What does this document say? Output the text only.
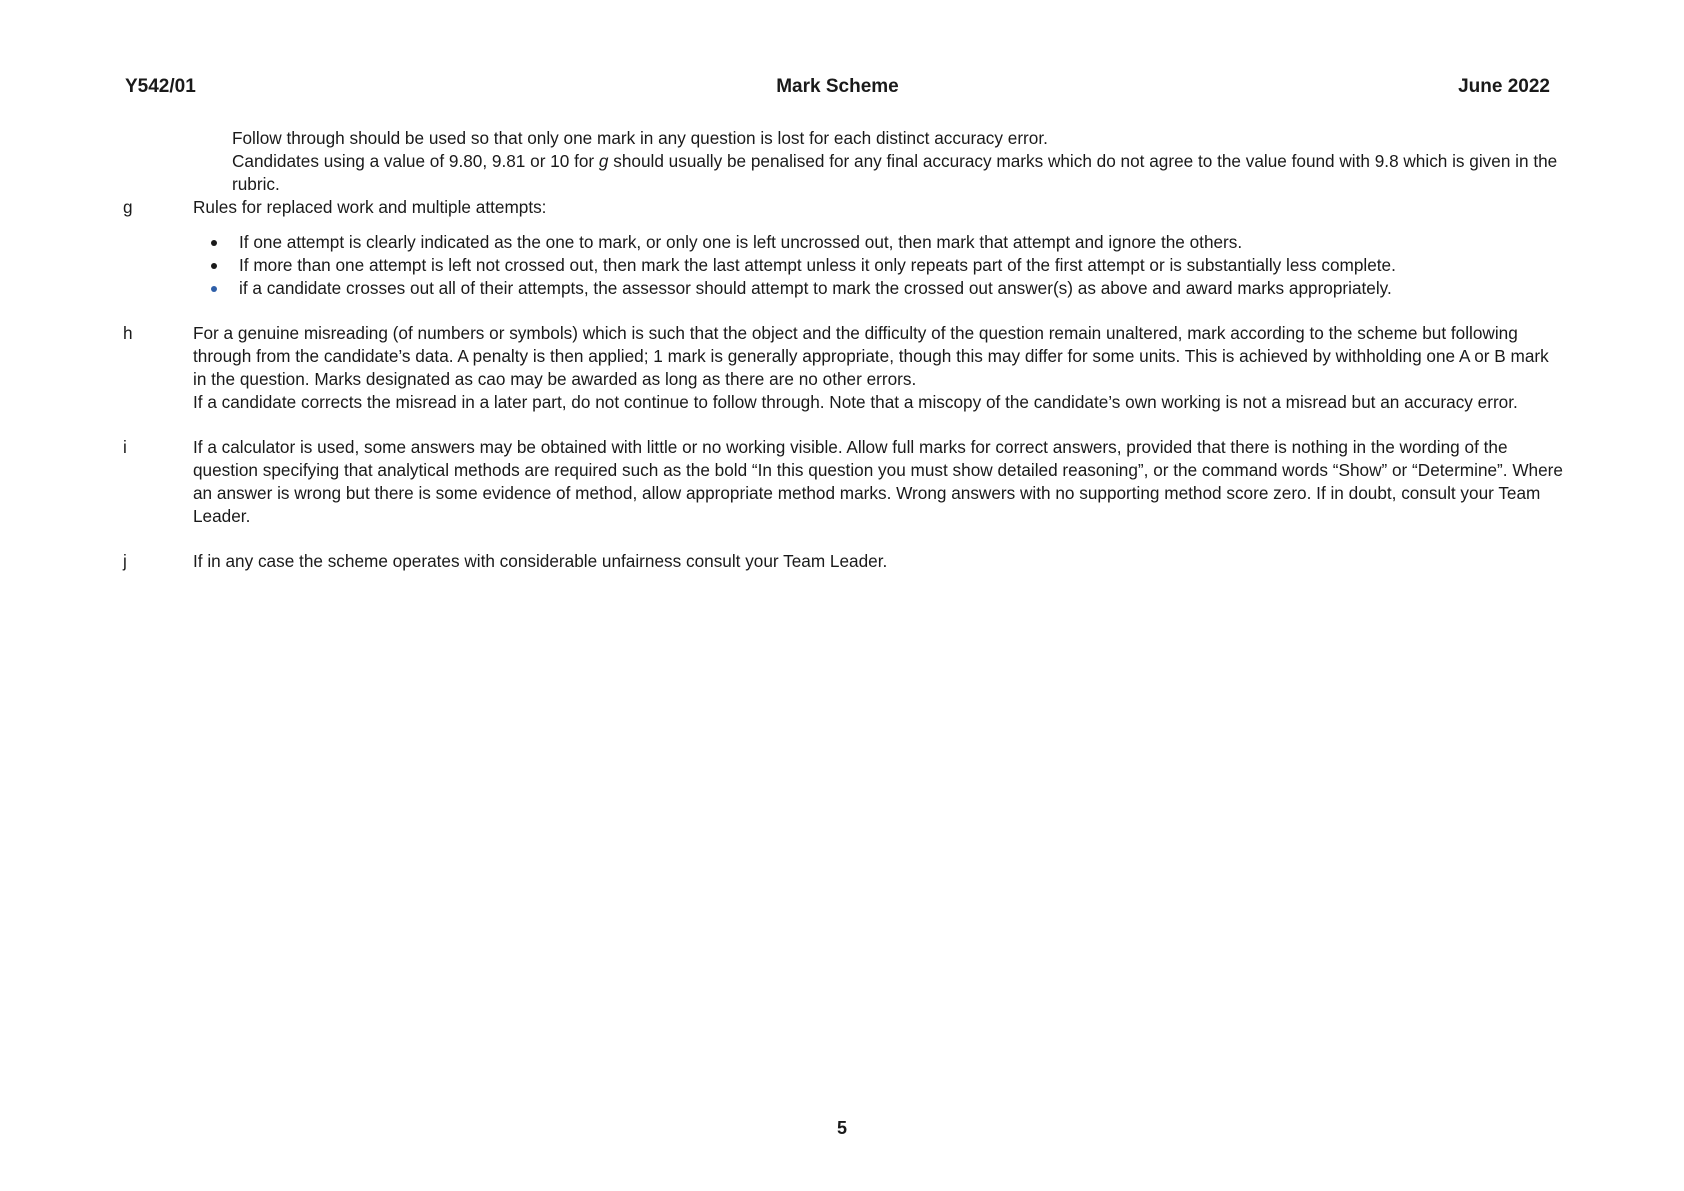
Y542/01	Mark Scheme	June 2022
Follow through should be used so that only one mark in any question is lost for each distinct accuracy error.
Candidates using a value of 9.80, 9.81 or 10 for g should usually be penalised for any final accuracy marks which do not agree to the value found with 9.8 which is given in the rubric.
g	Rules for replaced work and multiple attempts:
If one attempt is clearly indicated as the one to mark, or only one is left uncrossed out, then mark that attempt and ignore the others.
If more than one attempt is left not crossed out, then mark the last attempt unless it only repeats part of the first attempt or is substantially less complete.
if a candidate crosses out all of their attempts, the assessor should attempt to mark the crossed out answer(s) as above and award marks appropriately.
h	For a genuine misreading (of numbers or symbols) which is such that the object and the difficulty of the question remain unaltered, mark according to the scheme but following through from the candidate’s data. A penalty is then applied; 1 mark is generally appropriate, though this may differ for some units. This is achieved by withholding one A or B mark in the question. Marks designated as cao may be awarded as long as there are no other errors.
If a candidate corrects the misread in a later part, do not continue to follow through. Note that a miscopy of the candidate’s own working is not a misread but an accuracy error.
i	If a calculator is used, some answers may be obtained with little or no working visible. Allow full marks for correct answers, provided that there is nothing in the wording of the question specifying that analytical methods are required such as the bold “In this question you must show detailed reasoning”, or the command words “Show” or “Determine”. Where an answer is wrong but there is some evidence of method, allow appropriate method marks. Wrong answers with no supporting method score zero. If in doubt, consult your Team Leader.
j	If in any case the scheme operates with considerable unfairness consult your Team Leader.
5
